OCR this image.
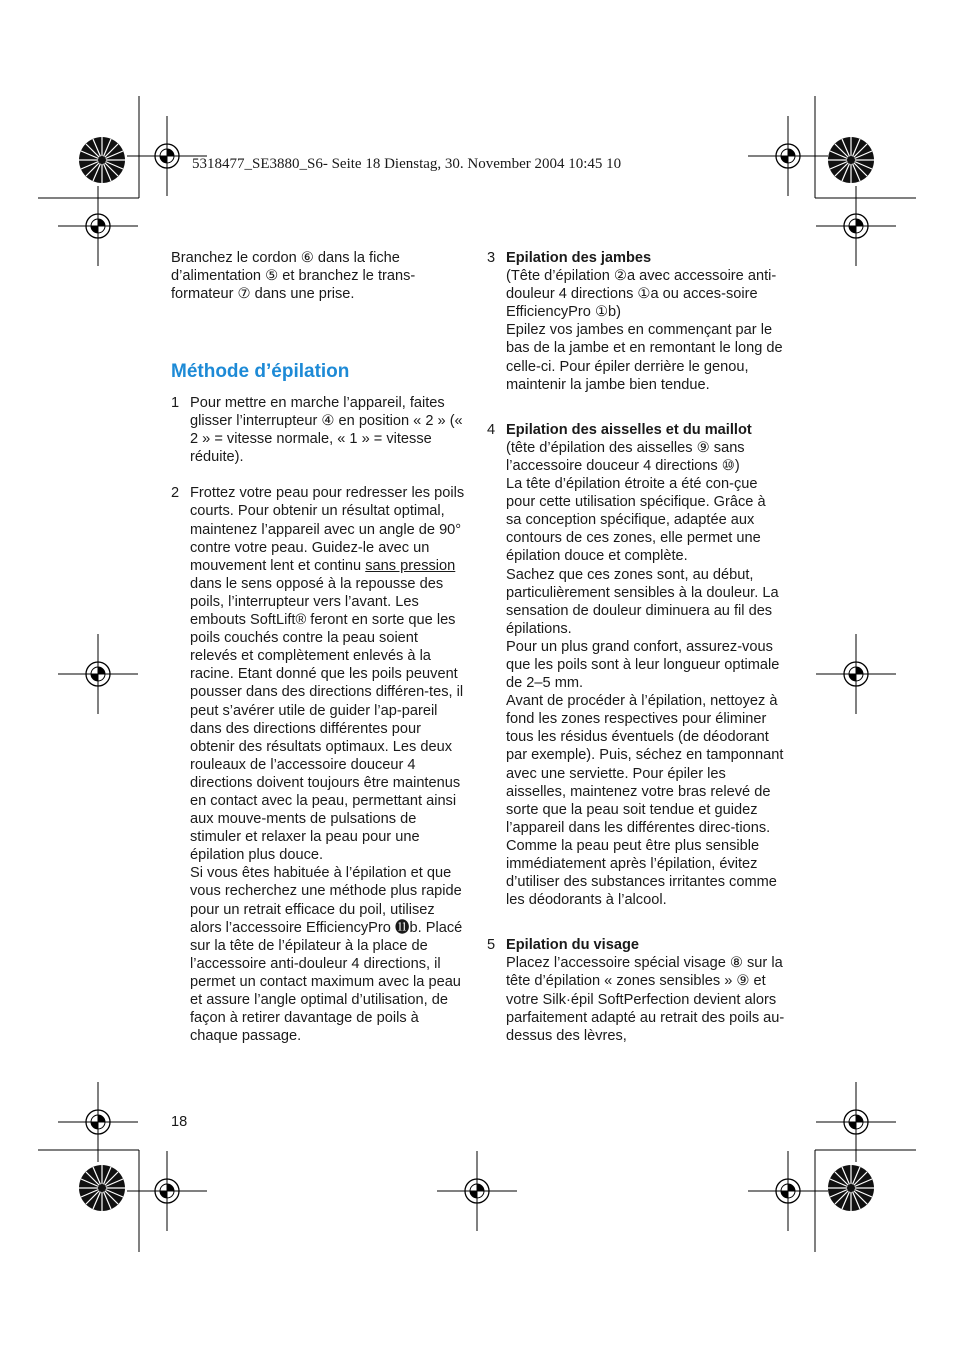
5318477_SE3880_S6- Seite 18 Dienstag, 30. November 2004 10:45 10

Branchez le cordon ⑥ dans la fiche d’alimentation ⑤ et branchez le trans-formateur ⑦ dans une prise.

Méthode d’épilation
1 Pour mettre en marche l’appareil, faites glisser l’interrupteur ④ en position « 2 » (« 2 » = vitesse normale, « 1 » = vitesse réduite).

2 Frottez votre peau pour redresser les poils courts. Pour obtenir un résultat optimal, maintenez l’appareil avec un angle de 90° contre votre peau. Guidez-le avec un mouvement lent et continu sans pression dans le sens opposé à la repousse des poils, l’interrupteur vers l’avant. Les embouts SoftLift® feront en sorte que les poils couchés contre la peau soient relevés et complètement enlevés à la racine. Etant donné que les poils peuvent pousser dans des directions différen-tes, il peut s’avérer utile de guider l’ap-pareil dans des directions différentes pour obtenir des résultats optimaux. Les deux rouleaux de l’accessoire douceur 4 directions doivent toujours être maintenus en contact avec la peau, permettant ainsi aux mouve-ments de pulsations de stimuler et relaxer la peau pour une épilation plus douce.

Si vous êtes habituée à l’épilation et que vous recherchez une méthode plus rapide pour un retrait efficace du poil, utilisez alors l’accessoire EfficiencyPro ⓫b. Placé sur la tête de l’épilateur à la place de l’accessoire anti-douleur 4 directions, il permet un contact maximum avec la peau et assure l’angle optimal d’utilisation, de façon à retirer davantage de poils à chaque passage.

3 Epilation des jambes

(Tête d’épilation ②a avec accessoire anti-douleur 4 directions ①a ou acces-soire EfficiencyPro ①b)

Epilez vos jambes en commençant par le bas de la jambe et en remontant le long de celle-ci. Pour épiler derrière le genou, maintenir la jambe bien tendue.

4 Epilation des aisselles et du maillot

(tête d’épilation des aisselles ⑨ sans l’accessoire douceur 4 directions ⑩)

La tête d’épilation étroite a été con-çue pour cette utilisation spécifique. Grâce à sa conception spécifique, adaptée aux contours de ces zones, elle permet une épilation douce et complète.

Sachez que ces zones sont, au début, particulièrement sensibles à la douleur. La sensation de douleur diminuera au fil des épilations.

Pour un plus grand confort, assurez-vous que les poils sont à leur longueur optimale de 2–5 mm.

Avant de procéder à l’épilation, nettoyez à fond les zones respectives pour éliminer tous les résidus éventuels (de déodorant par exemple). Puis, séchez en tamponnant avec une serviette. Pour épiler les aisselles, maintenez votre bras relevé de sorte que la peau soit tendue et guidez l’appareil dans les différentes direc-tions.

Comme la peau peut être plus sensible immédiatement après l’épilation, évitez d’utiliser des substances irritantes comme les déodorants à l’alcool.

5 Epilation du visage

Placez l’accessoire spécial visage ⑧ sur la tête d’épilation « zones sensibles » ⑨ et votre Silk·épil SoftPerfection devient alors parfaitement adapté au retrait des poils au-dessus des lèvres,

18
